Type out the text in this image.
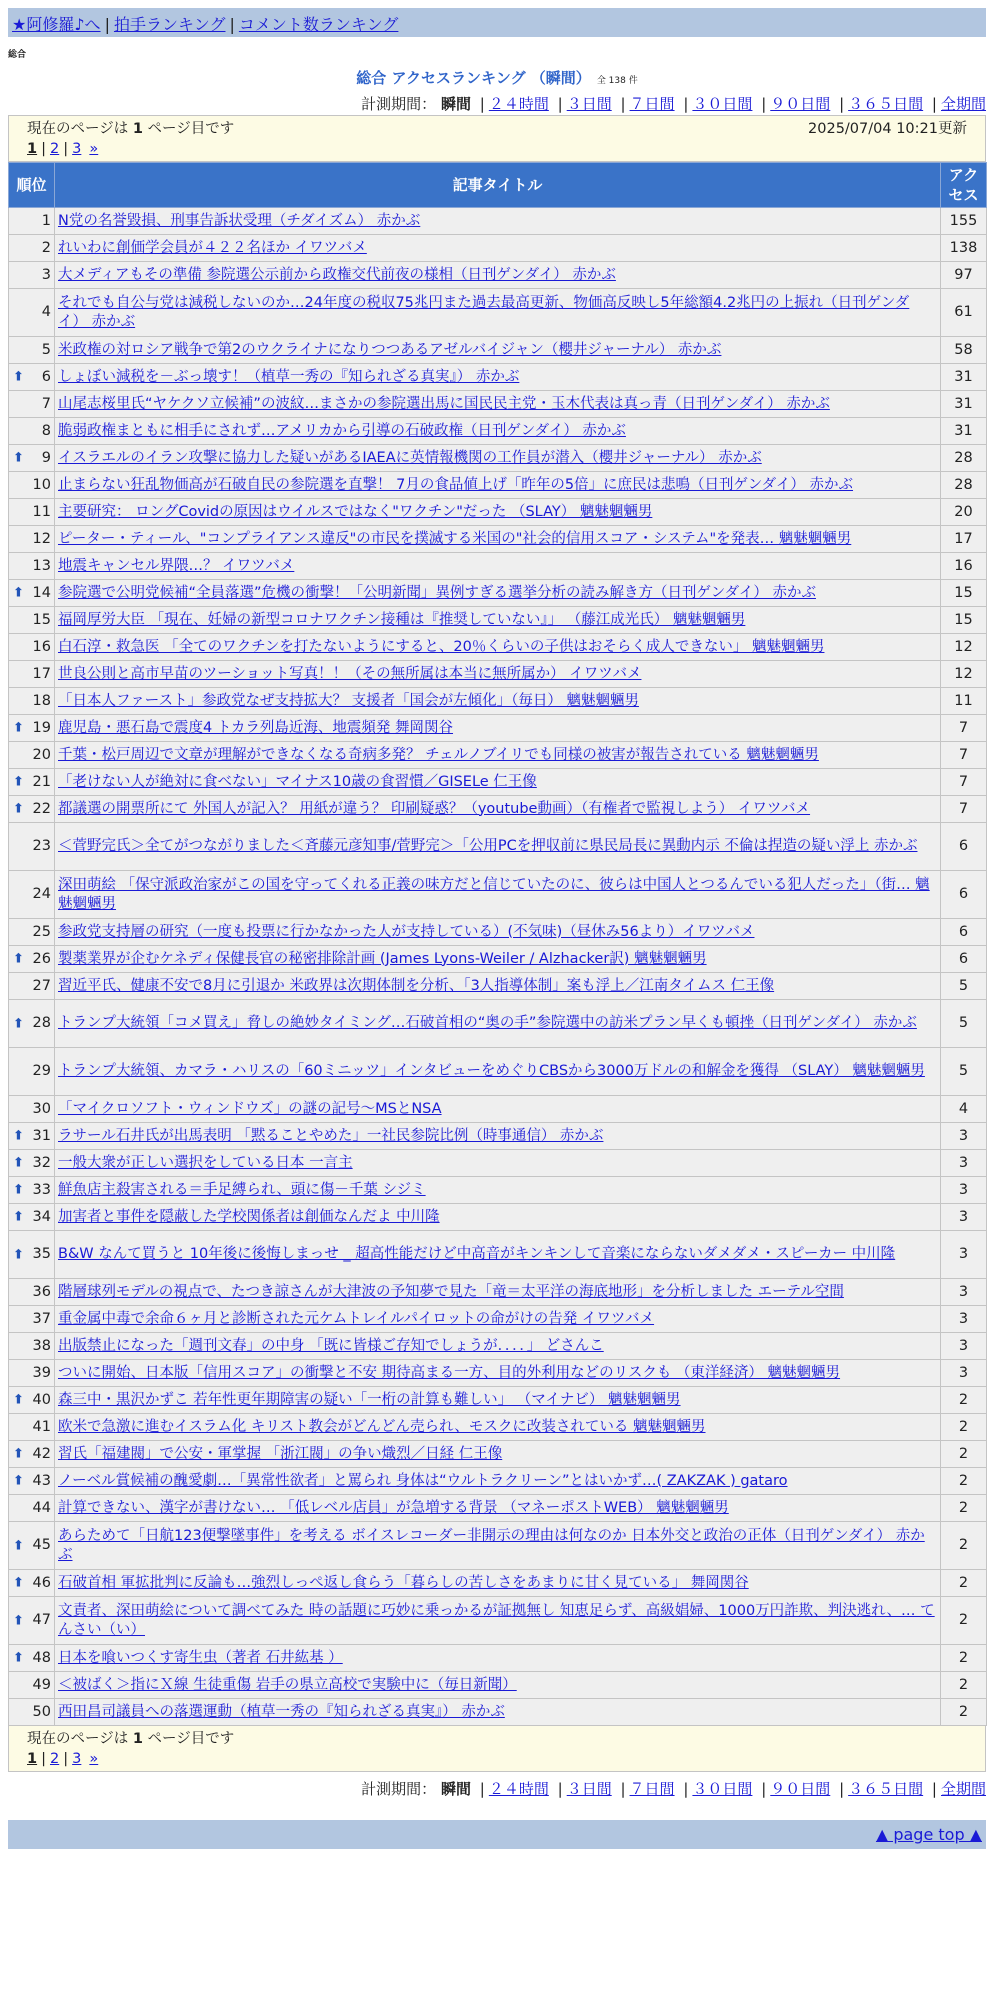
★阿修羅♪へ | 拍手ランキング | コメント数ランキング
総合
総合 アクセスランキング （瞬間） 全 138 件
計測期間： 瞬間 | ２４時間 | ３日間 | ７日間 | ３０日間 | ９０日間 | ３６５日間 | 全期間
現在のページは 1 ページ目です	2025/07/04 10:21更新
1 | 2 | 3 »
順位	記事タイトル	アクセス
1	N党の名誉毀損、刑事告訴状受理（チダイズム） 赤かぶ	155
2	れいわに創価学会員が４２２名ほか イワツバメ	138
3	大メディアもその準備 参院選公示前から政権交代前夜の様相（日刊ゲンダイ） 赤かぶ	97
4	それでも自公与党は減税しないのか…24年度の税収75兆円また過去最高更新、物価高反映し5年総額4.2兆円の上振れ（日刊ゲンダイ） 赤かぶ	61
5	米政権の対ロシア戦争で第2のウクライナになりつつあるアゼルバイジャン（櫻井ジャーナル） 赤かぶ	58

⬆ 6	しょぼい減税を－ぶっ壊す！（植草一秀の『知られざる真実』） 赤かぶ	31
7	山尾志桜里氏“ヤケクソ立候補”の波紋…まさかの参院選出馬に国民民主党・玉木代表は真っ青（日刊ゲンダイ） 赤かぶ	31
8	脆弱政権まともに相手にされず…アメリカから引導の石破政権（日刊ゲンダイ） 赤かぶ	31

⬆ 9	イスラエルのイラン攻撃に協力した疑いがあるIAEAに英情報機関の工作員が潜入（櫻井ジャーナル） 赤かぶ	28
10	止まらない狂乱物価高が石破自民の参院選を直撃！ 7月の食品値上げ「昨年の5倍」に庶民は悲鳴（日刊ゲンダイ） 赤かぶ	28
11	主要研究： ロングCovidの原因はウイルスではなく"ワクチン"だった （SLAY） 魑魅魍魎男	20
12	ピーター・ティール、"コンプライアンス違反"の市民を撲滅する米国の"社会的信用スコア・システム"を発表… 魑魅魍魎男	17
13	地震キャンセル界隈…？ イワツバメ	16

⬆ 14	参院選で公明党候補“全員落選”危機の衝撃！「公明新聞」異例すぎる選挙分析の読み解き方（日刊ゲンダイ） 赤かぶ	15
15	福岡厚労大臣 「現在、妊婦の新型コロナワクチン接種は『推奨していない』」 （藤江成光氏） 魑魅魍魎男	15
16	白石淳・救急医 「全てのワクチンを打たないようにすると、20％くらいの子供はおそらく成人できない」 魑魅魍魎男	12
17	世良公則と高市早苗のツーショット写真！！（その無所属は本当に無所属か） イワツバメ	12
18	「日本人ファースト」参政党なぜ支持拡大？ 支援者「国会が左傾化」（毎日） 魑魅魍魎男	11

⬆ 19	鹿児島・悪石島で震度4 トカラ列島近海、地震頻発 舞岡関谷	7
20	千葉・松戸周辺で文章が理解ができなくなる奇病多発？ チェルノブイリでも同様の被害が報告されている 魑魅魍魎男	7

⬆ 21	「老けない人が絶対に食べない」マイナス10歳の食習慣／GISELe 仁王像	7

⬆ 22	都議選の開票所にて 外国人が記入？ 用紙が違う？ 印刷疑惑？（youtube動画）（有権者で監視しよう） イワツバメ	7
23	＜菅野完氏＞全てがつながりました＜斉藤元彦知事/菅野完＞「公用PCを押収前に県民局長に異動内示 不倫は捏造の疑い浮上 赤かぶ	6
24	深田萌絵 「保守派政治家がこの国を守ってくれる正義の味方だと信じていたのに、彼らは中国人とつるんでいる犯人だった」（街… 魑魅魍魎男	6
25	参政党支持層の研究（一度も投票に行かなかった人が支持している）(不気味)（昼休み56より）イワツバメ	6

⬆ 26	製薬業界が企むケネディ保健長官の秘密排除計画 (James Lyons-Weiler / Alzhacker訳) 魑魅魍魎男	6
27	習近平氏、健康不安で8月に引退か 米政界は次期体制を分析、「3人指導体制」案も浮上／江南タイムス 仁王像	5

⬆ 28	トランプ大統領「コメ買え」脅しの絶妙タイミング…石破首相の“奥の手”参院選中の訪米プラン早くも頓挫（日刊ゲンダイ） 赤かぶ	5
29	トランプ大統領、カマラ・ハリスの「60ミニッツ」インタビューをめぐりCBSから3000万ドルの和解金を獲得 （SLAY） 魑魅魍魎男	5
30	「マイクロソフト・ウィンドウズ」の謎の記号～MSとNSA	4

⬆ 31	ラサール石井氏が出馬表明 「黙ることやめた」一社民参院比例（時事通信） 赤かぶ	3

⬆ 32	一般大衆が正しい選択をしている日本 一言主	3

⬆ 33	鮮魚店主殺害される＝手足縛られ、頭に傷－千葉 シジミ	3

⬆ 34	加害者と事件を隠蔽した学校関係者は創価なんだよ 中川隆	3

⬆ 35	B&W なんて買うと 10年後に後悔しまっせ _ 超高性能だけど中高音がキンキンして音楽にならないダメダメ・スピーカー 中川隆	3
36	階層球列モデルの視点で、たつき諒さんが大津波の予知夢で見た「竜＝太平洋の海底地形」を分析しました エーテル空間	3
37	重金属中毒で余命６ヶ月と診断された元ケムトレイルパイロットの命がけの告発 イワツバメ	3
38	出版禁止になった「週刊文春」の中身 「既に皆様ご存知でしょうが．．．．」 どさんこ	3
39	ついに開始、日本版「信用スコア」の衝撃と不安 期待高まる一方、目的外利用などのリスクも （東洋経済） 魑魅魍魎男	3

⬆ 40	森三中・黒沢かずこ 若年性更年期障害の疑い「一桁の計算も難しい」 （マイナビ） 魑魅魍魎男	2
41	欧米で急激に進むイスラム化 キリスト教会がどんどん売られ、モスクに改装されている 魑魅魍魎男	2

⬆ 42	習氏「福建閥」で公安・軍掌握 「浙江閥」の争い熾烈／日経 仁王像	2

⬆ 43	ノーベル賞候補の醜愛劇…「異常性欲者」と罵られ 身体は“ウルトラクリーン”とはいかず…( ZAKZAK ) gataro	2
44	計算できない、漢字が書けない… 「低レベル店員」が急増する背景 （マネーポストWEB） 魑魅魍魎男	2

⬆ 45	あらためて「日航123便撃墜事件」を考える ボイスレコーダー非開示の理由は何なのか 日本外交と政治の正体（日刊ゲンダイ） 赤かぶ	2

⬆ 46	石破首相 軍拡批判に反論も…強烈しっぺ返し食らう「暮らしの苦しさをあまりに甘く見ている」 舞岡関谷	2

⬆ 47	文責者、深田萌絵について調べてみた 時の話題に巧妙に乗っかるが証拠無し 知恵足らず、高級娼婦、1000万円詐欺、判決逃れ、… てんさい（い）	2

⬆ 48	日本を喰いつくす寄生虫（著者 石井紘基 ）	2
49	＜被ばく＞指にＸ線 生徒重傷 岩手の県立高校で実験中に（毎日新聞）	2
50	西田昌司議員への落選運動（植草一秀の『知られざる真実』） 赤かぶ	2
現在のページは 1 ページ目です
1 | 2 | 3 »
計測期間： 瞬間 | ２４時間 | ３日間 | ７日間 | ３０日間 | ９０日間 | ３６５日間 | 全期間
▲ page top ▲
